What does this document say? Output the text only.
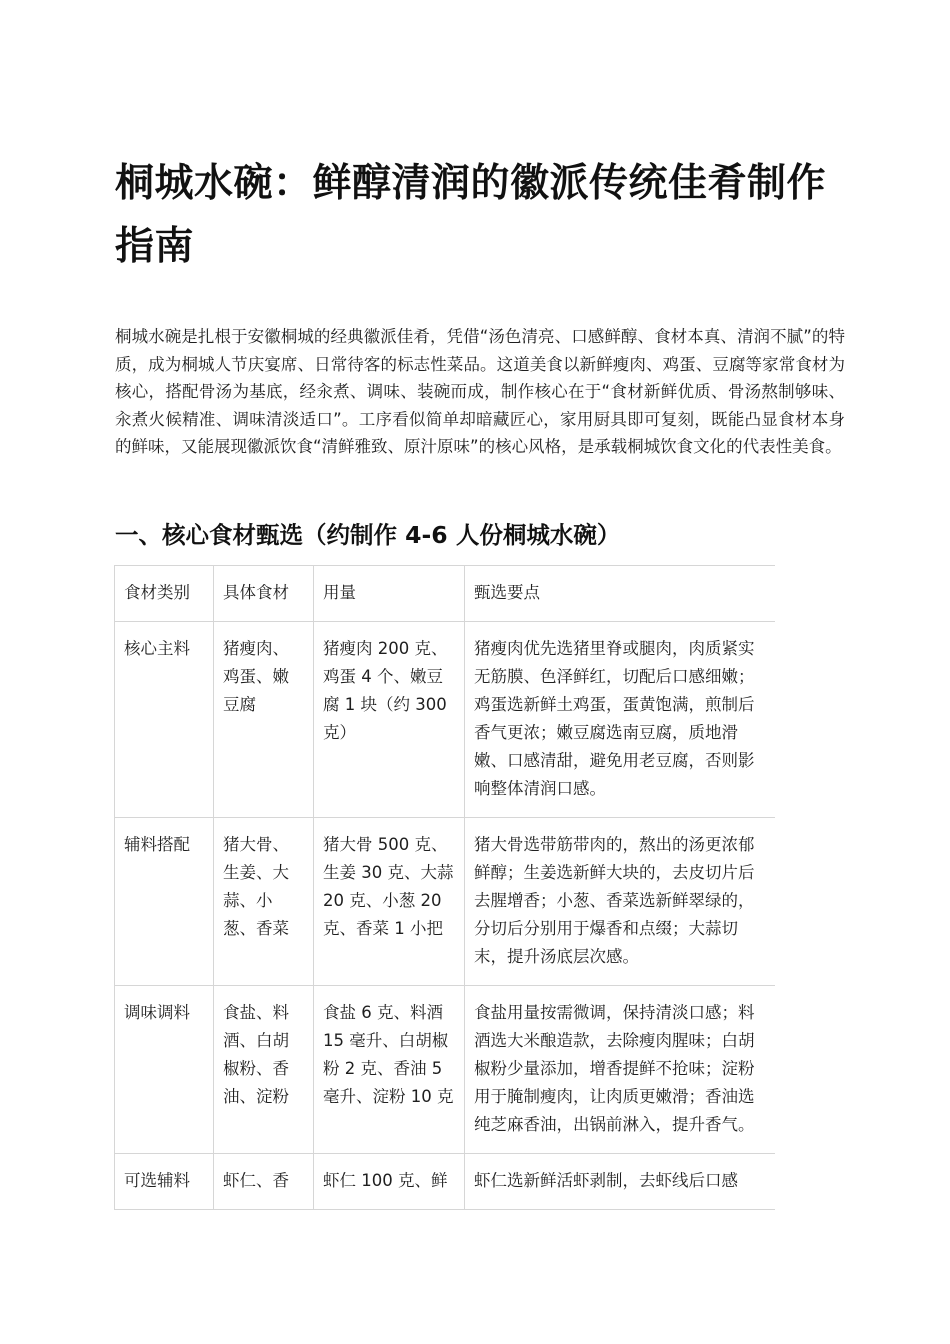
桐城水碗：鲜醇清润的徽派传统佳肴制作指南

桐城水碗是扎根于安徽桐城的经典徽派佳肴，凭借“汤色清亮、口感鲜醇、食材本真、清润不腻”的特质，成为桐城人节庆宴席、日常待客的标志性菜品。这道美食以新鲜瘦肉、鸡蛋、豆腐等家常食材为核心，搭配骨汤为基底，经汆煮、调味、装碗而成，制作核心在于“食材新鲜优质、骨汤熬制够味、汆煮火候精准、调味清淡适口”。工序看似简单却暗藏匠心，家用厨具即可复刻，既能凸显食材本身的鲜味，又能展现徽派饮食“清鲜雅致、原汁原味”的核心风格，是承载桐城饮食文化的代表性美食。

一、核心食材甄选（约制作 4-6 人份桐城水碗）
食材类别	具体食材	用量	甄选要点
核心主料	猪瘦肉、鸡蛋、嫩豆腐	猪瘦肉 200 克、鸡蛋 4 个、嫩豆腐 1 块（约 300 克）	猪瘦肉优先选猪里脊或腿肉，肉质紧实无筋膜、色泽鲜红，切配后口感细嫩；鸡蛋选新鲜土鸡蛋，蛋黄饱满，煎制后香气更浓；嫩豆腐选南豆腐，质地滑嫩、口感清甜，避免用老豆腐，否则影响整体清润口感。
辅料搭配	猪大骨、生姜、大蒜、小葱、香菜	猪大骨 500 克、生姜 30 克、大蒜 20 克、小葱 20 克、香菜 1 小把	猪大骨选带筋带肉的，熬出的汤更浓郁鲜醇；生姜选新鲜大块的，去皮切片后去腥增香；小葱、香菜选新鲜翠绿的，分切后分别用于爆香和点缀；大蒜切末，提升汤底层次感。
调味调料	食盐、料酒、白胡椒粉、香油、淀粉	食盐 6 克、料酒 15 毫升、白胡椒粉 2 克、香油 5 毫升、淀粉 10 克	食盐用量按需微调，保持清淡口感；料酒选大米酿造款，去除瘦肉腥味；白胡椒粉少量添加，增香提鲜不抢味；淀粉用于腌制瘦肉，让肉质更嫩滑；香油选纯芝麻香油，出锅前淋入，提升香气。
可选辅料	虾仁、香	虾仁 100 克、鲜	虾仁选新鲜活虾剥制，去虾线后口感
